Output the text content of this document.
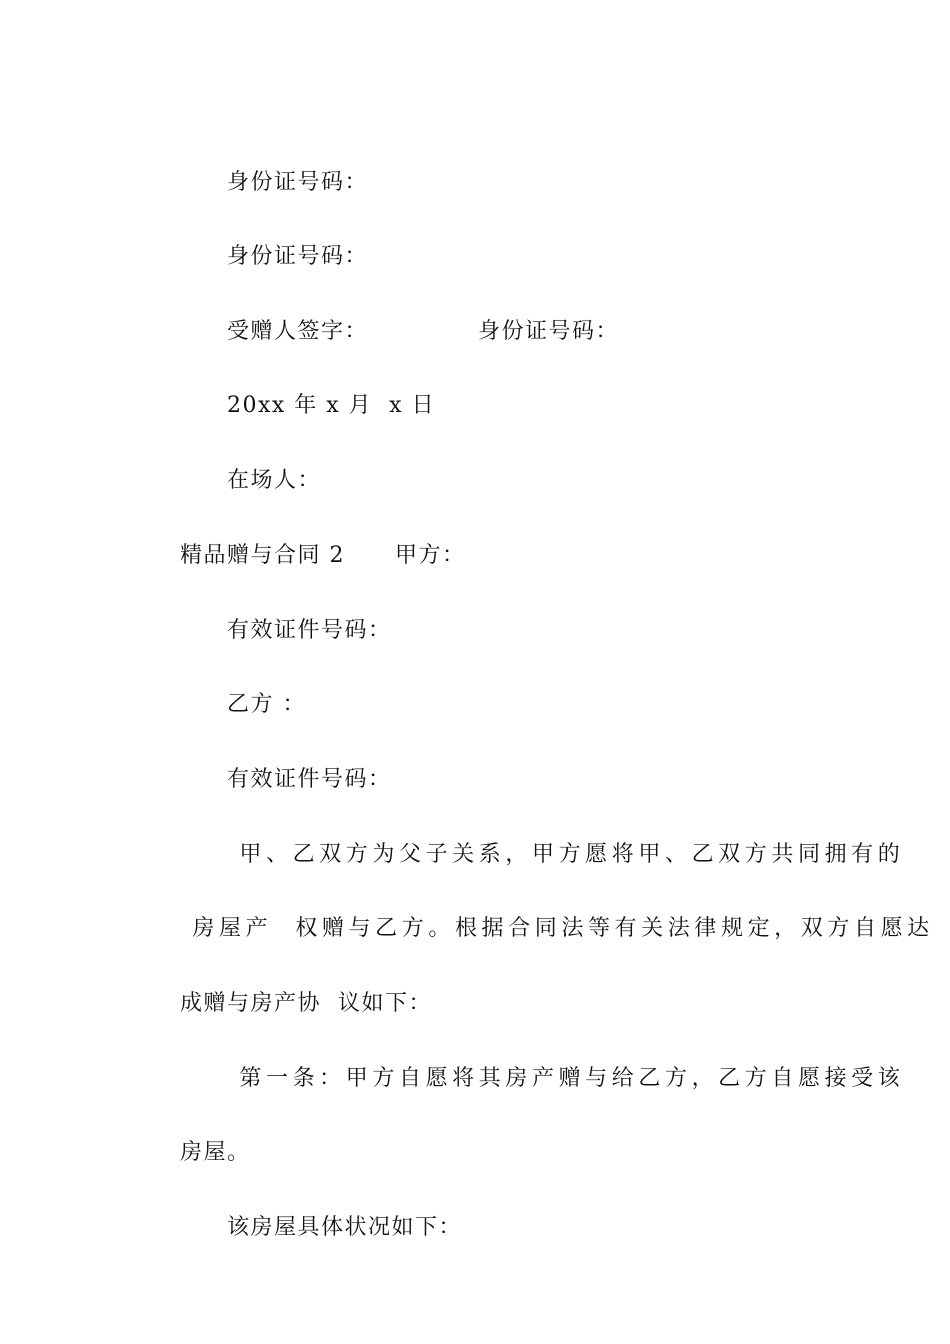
身份证号码：

身份证号码：

受赠人签字：	身份证号码：

20xx 年 x 月  x 日

在场人：

精品赠与合同 2 甲方：

有效证件号码：

乙方 ：

有效证件号码：

甲、乙双方为父子关系，甲方愿将甲、乙双方共同拥有的

房屋产  权赠与乙方。根据合同法等有关法律规定，双方自愿达

成赠与房产协  议如下：

第一条：甲方自愿将其房产赠与给乙方，乙方自愿接受该

房屋。

该房屋具体状况如下：
